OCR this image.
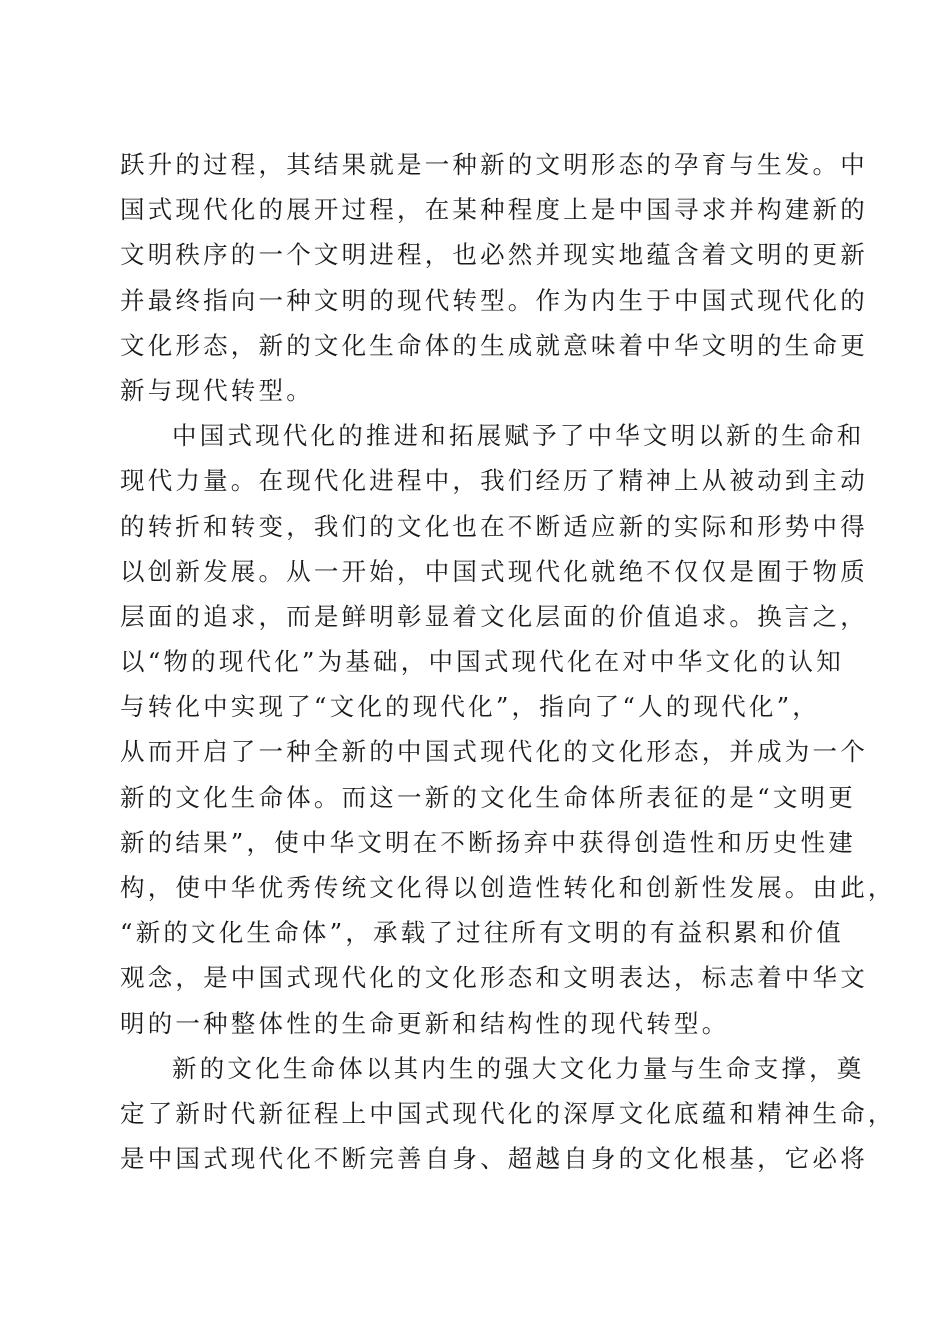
跃升的过程，其结果就是一种新的文明形态的孕育与生发。中
国式现代化的展开过程，在某种程度上是中国寻求并构建新的
文明秩序的一个文明进程，也必然并现实地蕴含着文明的更新
并最终指向一种文明的现代转型。作为内生于中国式现代化的
文化形态，新的文化生命体的生成就意味着中华文明的生命更
新与现代转型。
中国式现代化的推进和拓展赋予了中华文明以新的生命和
现代力量。在现代化进程中，我们经历了精神上从被动到主动
的转折和转变，我们的文化也在不断适应新的实际和形势中得
以创新发展。从一开始，中国式现代化就绝不仅仅是囿于物质
层面的追求，而是鲜明彰显着文化层面的价值追求。换言之，
以“物的现代化”为基础，中国式现代化在对中华文化的认知
与转化中实现了“文化的现代化”，指向了“人的现代化”，
从而开启了一种全新的中国式现代化的文化形态，并成为一个
新的文化生命体。而这一新的文化生命体所表征的是“文明更
新的结果”，使中华文明在不断扬弃中获得创造性和历史性建
构，使中华优秀传统文化得以创造性转化和创新性发展。由此，
“新的文化生命体”，承载了过往所有文明的有益积累和价值
观念，是中国式现代化的文化形态和文明表达，标志着中华文
明的一种整体性的生命更新和结构性的现代转型。
新的文化生命体以其内生的强大文化力量与生命支撑，奠
定了新时代新征程上中国式现代化的深厚文化底蕴和精神生命，
是中国式现代化不断完善自身、超越自身的文化根基，它必将
